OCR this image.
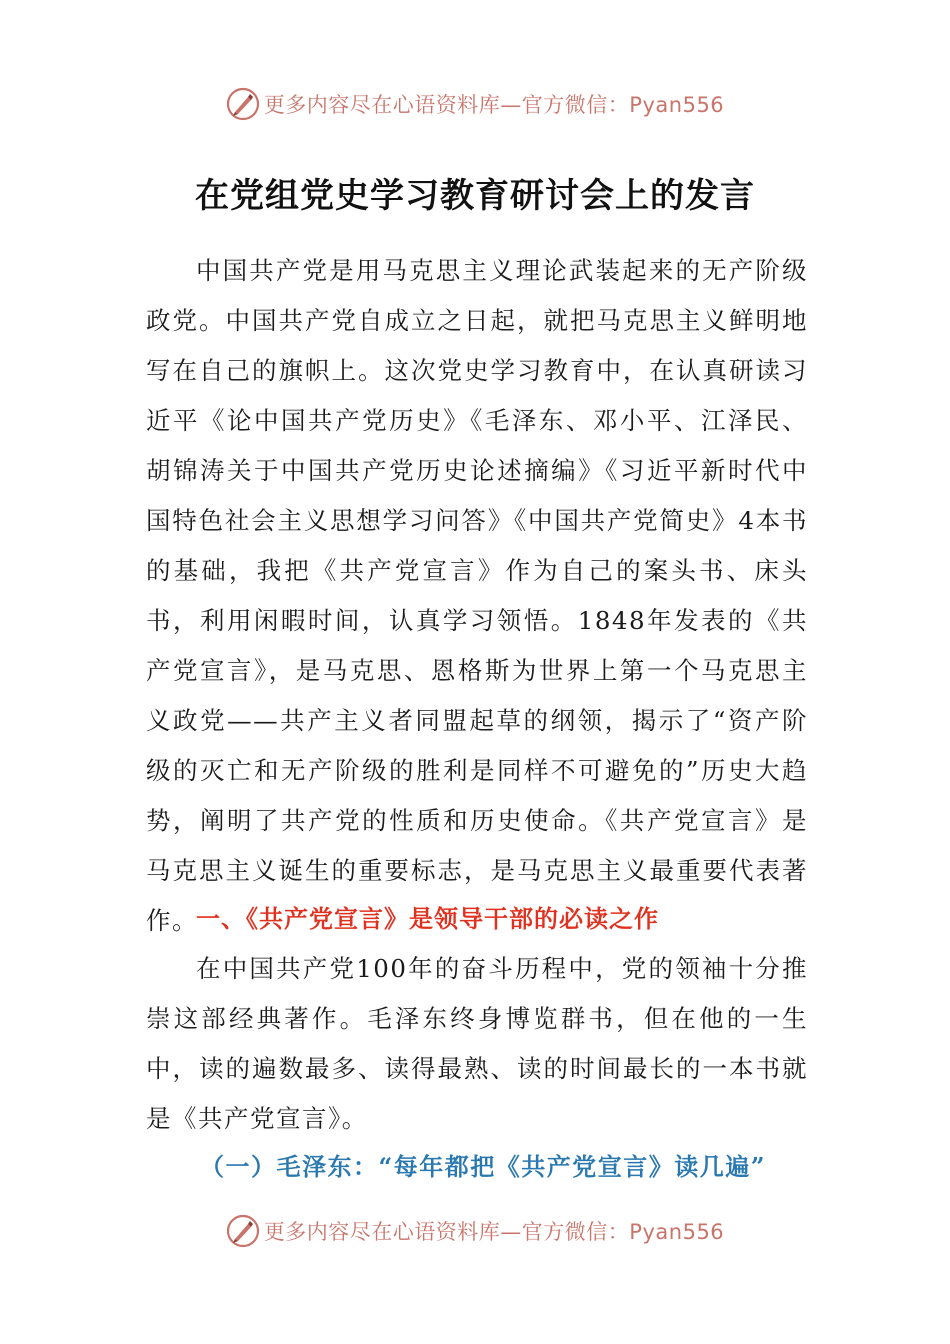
更多内容尽在心语资料库—官方微信：Pyan556
在党组党史学习教育研讨会上的发言

中国共产党是用马克思主义理论武装起来的无产阶级政党。中国共产党自成立之日起，就把马克思主义鲜明地写在自己的旗帜上。这次党史学习教育中，在认真研读习近平《论中国共产党历史》《毛泽东、邓小平、江泽民、胡锦涛关于中国共产党历史论述摘编》《习近平新时代中国特色社会主义思想学习问答》《中国共产党简史》4本书的基础，我把《共产党宣言》作为自己的案头书、床头书，利用闲暇时间，认真学习领悟。1848年发表的《共产党宣言》，是马克思、恩格斯为世界上第一个马克思主义政党——共产主义者同盟起草的纲领，揭示了“资产阶级的灭亡和无产阶级的胜利是同样不可避免的”历史大趋势，阐明了共产党的性质和历史使命。《共产党宣言》是马克思主义诞生的重要标志，是马克思主义最重要代表著作。

一、《共产党宣言》是领导干部的必读之作

在中国共产党100年的奋斗历程中，党的领袖十分推崇这部经典著作。毛泽东终身博览群书，但在他的一生中，读的遍数最多、读得最熟、读的时间最长的一本书就是《共产党宣言》。

（一）毛泽东：“每年都把《共产党宣言》读几遍”
更多内容尽在心语资料库—官方微信：Pyan556
